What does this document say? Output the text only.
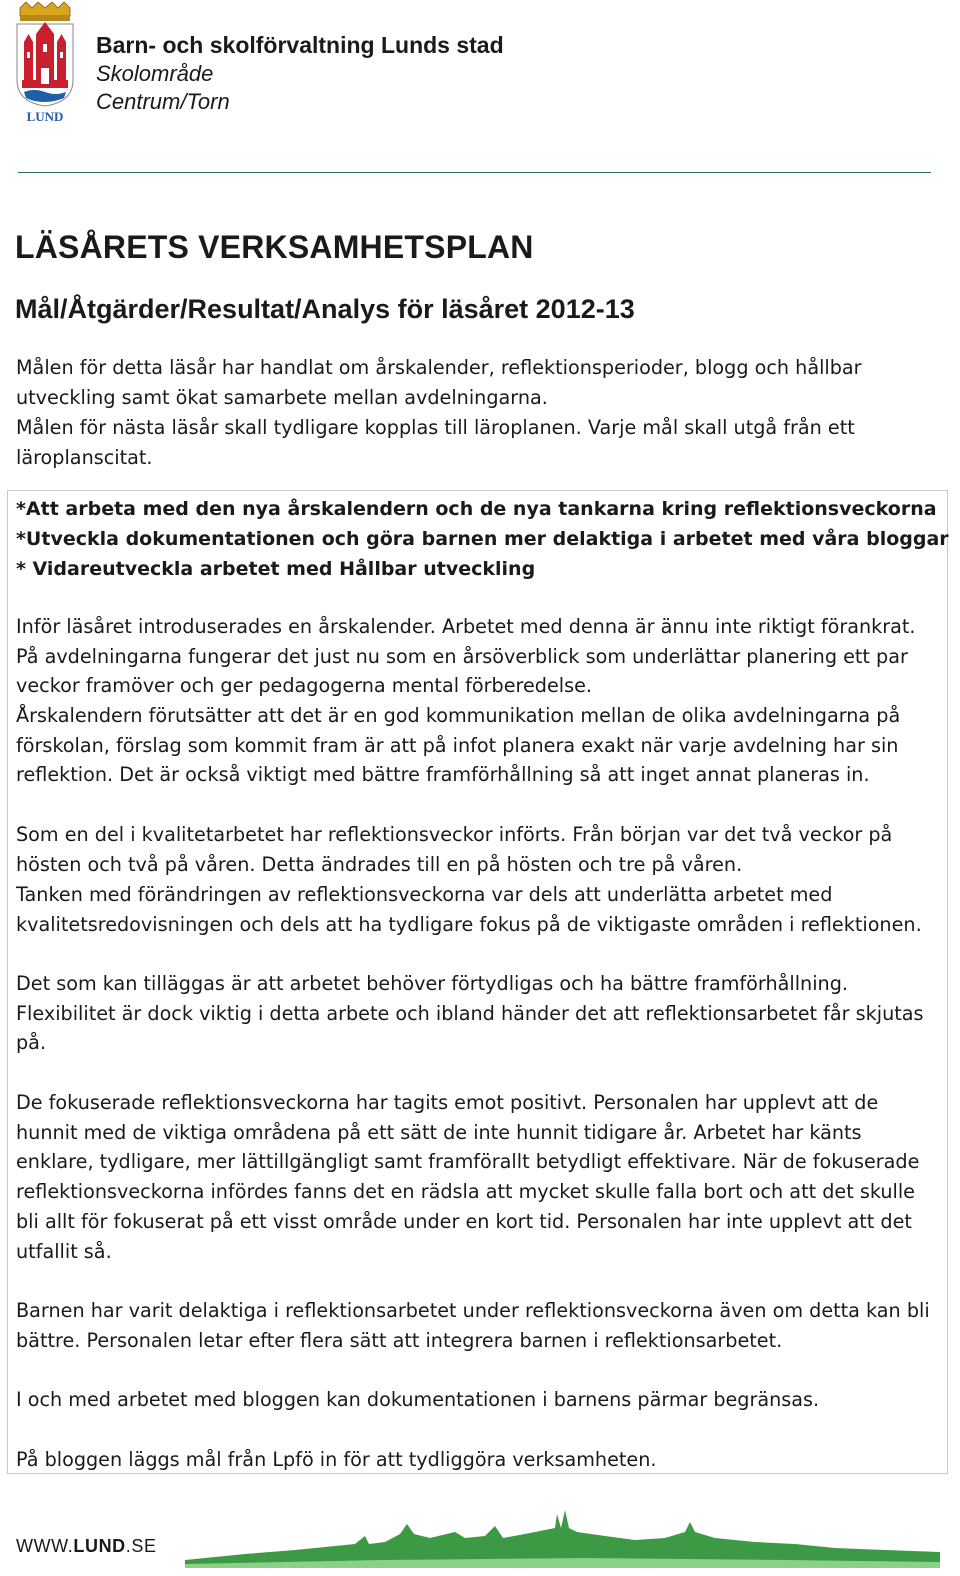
LUND

Barn- och skolförvaltning Lunds stad

Skolområde

Centrum/Torn

LÄSÅRETS VERKSAMHETSPLAN
Mål/Åtgärder/Resultat/Analys för läsåret 2012-13

Målen för detta läsår har handlat om årskalender, reflektionsperioder, blogg och hållbar utveckling samt ökat samarbete mellan avdelningarna.

Målen för nästa läsår skall tydligare kopplas till läroplanen. Varje mål skall utgå från ett läroplanscitat.

*Att arbeta med den nya årskalendern och de nya tankarna kring reflektionsveckorna
*Utveckla dokumentationen och göra barnen mer delaktiga i arbetet med våra bloggar
* Vidareutveckla arbetet med Hållbar utveckling

Inför läsåret introduserades en årskalender. Arbetet med denna är ännu inte riktigt förankrat. På avdelningarna fungerar det just nu som en årsöverblick som underlättar planering ett par veckor framöver och ger pedagogerna mental förberedelse.

Årskalendern förutsätter att det är en god kommunikation mellan de olika avdelningarna på förskolan, förslag som kommit fram är att på infot planera exakt när varje avdelning har sin reflektion. Det är också viktigt med bättre framförhållning så att inget annat planeras in.

Som en del i kvalitetarbetet har reflektionsveckor införts. Från början var det två veckor på hösten och två på våren. Detta ändrades till en på hösten och tre på våren.

Tanken med förändringen av reflektionsveckorna var dels att underlätta arbetet med kvalitetsredovisningen och dels att ha tydligare fokus på de viktigaste områden i reflektionen.

Det som kan tilläggas är att arbetet behöver förtydligas och ha bättre framförhållning. Flexibilitet är dock viktig i detta arbete och ibland händer det att reflektionsarbetet får skjutas på.

De fokuserade reflektionsveckorna har tagits emot positivt. Personalen har upplevt att de hunnit med de viktiga områdena på ett sätt de inte hunnit tidigare år. Arbetet har känts enklare, tydligare, mer lättillgängligt samt framförallt betydligt effektivare. När de fokuserade reflektionsveckorna infördes fanns det en rädsla att mycket skulle falla bort och att det skulle bli allt för fokuserat på ett visst område under en kort tid. Personalen har inte upplevt att det utfallit så.

Barnen har varit delaktiga i reflektionsarbetet under reflektionsveckorna även om detta kan bli bättre. Personalen letar efter flera sätt att integrera barnen i reflektionsarbetet.

I och med arbetet med bloggen kan dokumentationen i barnens pärmar begränsas.

På bloggen läggs mål från Lpfö in för att tydliggöra verksamheten.

WWW.LUND.SE
